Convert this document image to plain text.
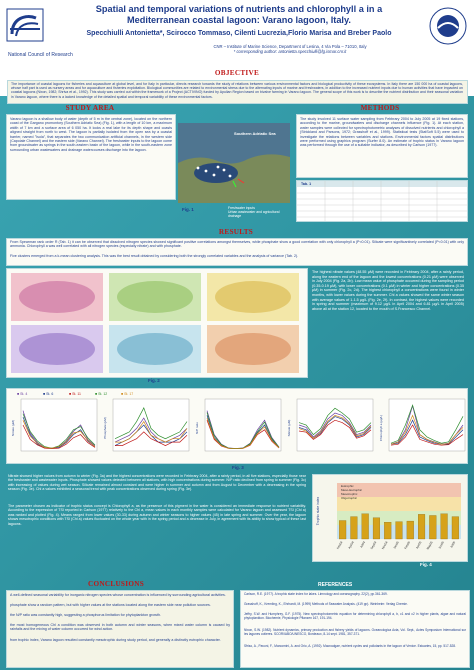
Spatial and temporal variations of nutrients and chlorophyll a in a
Mediterranean coastal lagoon: Varano lagoon, Italy.
Specchiulli Antonietta*, Scirocco Tommaso, Cilenti Lucrezia,Florio Marisa and Breber Paolo
CNR – Institute of Marine Science, Department of Lesina, 4 Via Pola – 71010, Italy
* corresponding author: antonietta.specchiulli@fg.ismar.cnr.it
National Council of Research
OBJECTIVE
The importance of coastal lagoons for fisheries and aquaculture at global level, and for Italy in particular, directs research towards the study of relations between various environmental factors and biological productivity of these ecosystems. In Italy there are 150 000 ha of coastal lagoons, whose half part is used as nursery areas and for aquaculture and fisheries exploitation. Biological communities are related to environmental stress due to the alternating inputs of marine and freshwaters, in addition to the increased nutrient inputs due to human activities that have impacted on coastal lagoons (Nixon, 1982; Shriva et al., 1992). This study was carried out within the framework of a Project (ACTIVINO) funded by Apulian Region based on bivalve farming in Varano lagoon. The general scope of this work is to describe the nutrient distribution and their seasonal variation in Varano lagoon, where there is a lacked knowledge of the detailed spatial and temporal variability of these environmental factors.
STUDY AREA
Varano lagoon is a shallow body of water (depth of 5 m in the central zone), located on the northern coast of the Gargano promontory (Southern Adriatic Sea) (Fig. 1), with a length of 10 km, a maximum width of 7 km and a surface area of 6 050 ha. It looks a real lake for its depth shape and coasts aligned straight from north to west. The lagoon is partially isolated from the open sea by a coastal barrier, named "Isola", that separates the two communication artificial channels, in the western side (Capoiale Channel) and the eastern side (Varano Channel). The freshwater inputs to the lagoon come from groundwater as springs in the south-eastern basin of the lagoon, while in the south-eastern zone surrounding urban wastewaters and drainage watercourses discharge into the lagoon.
Southern Adriatic Sea
Fig. 1	Freshwater inputs
Urban wastewater and agricultural drainage
METHODS
The study involved 11 surface water sampling from Febbrary 2004 to July 2005 at 19 fixed stations, according to the marine, groundwaters and discharge channels influence (Fig. 1). At each station, water samples were collected for spectrophotometric analyses of dissolved nutrients and chlorophyll a (Strickland and Parsons, 1972; Grasshoff et al., 1999). Statistical tests (StatSoft 5.5) were used to investigate the relations between variables and stations. Environmental factors spatial distributions were performed using graphics program (Surfer 8.0). An estimate of trophic status in Varano lagoon was performed through the use of a suitable indicator, as described by Carlson (1977).
Tab. 1
RESULTS
From Spearman rank order R (Tab. 1) it can be observed that dissolved nitrogen species showed significant positive correlations amongst themselves, while phosphate show a good correlation with only chlorophyll a (P<0.01). Silicate were significantively correlated (P<0.01) with only ammonia. Chlorophyll a was well correlated with all nitrogen species (especially nitrate) and with phosphate.
Five clusters emerged from a k-mean clustering analysis. This was the best result obtained by considering both the strongly correlated variables and the analysis of variance (Tab. 2).
Fig. 2
The highest nitrate values (48.55 µM) were recorded in Febbrary 2004, after a rainly period, along the eastern end of the lagoon and the lowest concentrations (0.21 µM) were observed in July 2004 (Fig. 2a, 2b). Low mean value of phosphate occurred during the sampling period (0.35-0.19 µM), with lower concentrations (0.1 µM) in winter and higher concentrations (0.35 µM) in summer (Fig. 2c, 2d). The highest chlorophyll a concentrations were found in winter months, with lower values during the summer. Chl a values showed the same winter season with average values of 1-1.5 µg/L (Fig. 2e, 2f). In contrast, the highest values were recorded in spring and summer (maximum of 9.12 µg/L in April 2004 and 6.81 µg/L in April 2005) above all at the station 12, located to the mouth of S.Francesco Channel.
■ St. 4	■ St. 6	■ St. 11	■ St. 12	■ St. 17
Nitrate (µM)	Phosphate (µM)	N/P ratio	Silicate (µM)	Chlorophyll a (µg/L)
Fig. 3
Nitrate showed higher values from autumn to winter (Fig. 3a) and the highest concentrations were recorded in Febbrary 2004, after a rainly period, in all five stations, especially those near the freshwater and wastewater inputs. Phosphate showed values detected between all stations, with high concentrations during summer. N/P ratio declined from spring to summer (Fig. 3c) with increasing of values during wet season. Silicate remained almost constant and were higher in summer and autumn and from August to December with a decreasing in the spring season (Fig. 3e). Chl a values exhibited a seasonal trend with peak concentrations observed during spring (Fig. 3e).
The parameter chosen as indicator of trophic status concept is Chlorophyll a, as the presence of this pigment in the water is considered an immediate response to nutrient variability. According to the expression of TSI reported in Carlson (1977) relatively to the Chl a, mean values in each monthly samples were calculated for Varano lagoon and assessed TSI (Chl a) was ranked and plotted (Fig. 4). Means ranged from lower values (30-33) during autumn and winter seasons to higher values (45) in late spring and summer. Over the year, the lagoon shows mesotrophic conditions with TSI (Chl a) values fluctuated on the whole year with in the spring period and a decrease in July, in agreement with its ability to show typical of these last lagoons.
Eutrophic
Meso-Eutrophic
Mesotrophic
Oligotrophic
Trophic state index
Feb04 Apr04 Jul04 Sep04 Nov04 Jan05 Feb05 Apr05 May05 Jun05 Jul05
Fig. 4
CONCLUSIONS
A well-defined seasonal variability for inorganic nitrogen species whose concentration is influenced by surrounding agricultural activities.
phosphate show a random pattern, but with higher values at the stations located along the eastern side near pollution sources.
the N/P ratio was constantly high, suggesting a phosphorus limitation for phytoplankton growth.
the most homogeneous Chl a condition was observed in both autumn and winter seasons, when mixed water column is caused by rainfalls and the mixing of water column occurred for wind action.
from trophic index, Varano lagoon resulted constantly mesotrophic during study period, and generally a distinctly eutrophic character.
REFERENCES
Carlson, R.E. (1977). A trophic state index for lakes. Limnology and oceanography. 22(2), pp.361-369.
Grasshoff, K., Kremling, K., Ehrhardt, M. (1999) Methods of Seawater Analysis. (419 pp). Weinheim: Verlag Chemie.
Jeffry, S.W. and Humphrey, G.F. (1975). New spectrophotometric equation for determining chlorophyll a, b, c1 and c2 in higher plants, algae and natural phytoplankton. Biochemie, Physiologie Pflanzen 167, 191-194.
Nixon, S.W. (1982). Nutrient dynamics, primary production and fishery yields of lagoons. Oceanologica Acta, Vol. Sept., Actes Symposium International sur les lagunes cotieres. SCOR/IABO/UNESCO, Bordeaux, 8-14 sept. 1981, 357-371.
Sfriso, A., Pavoni, F., Marcomini, A. and Orio, A. (1992). Macroalgae, nutrient cycles and pollutants in the lagoon of Venice. Estuaries, 15, pp. 517-528.
